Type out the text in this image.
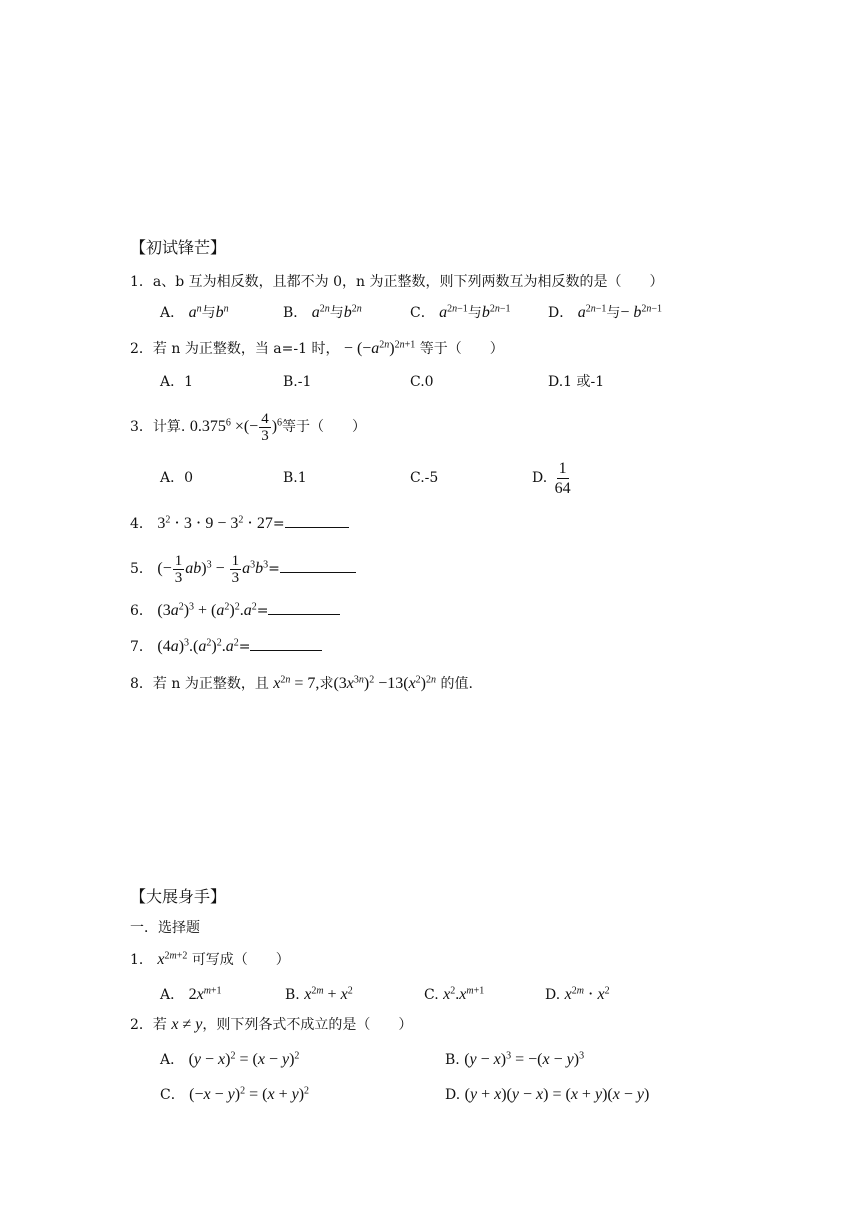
【初试锋芒】
1．a、b 互为相反数，且都不为 0，n 为正整数，则下列两数互为相反数的是（　　）
A． $a^n$与$b^n$	B． $a^{2n}$与$b^{2n}$	C． $a^{2n-1}$与$b^{2n-1}$	D． $a^{2n-1}$与− $b^{2n-1}$
2．若 n 为正整数，当 a=-1 时， − $(-a^{2n})^{2n+1}$ 等于（　　）
A．1	B.-1	C.0	D.1 或-1
3．计算. $0.375^6$ ×(− $\frac{4}{3} )^6$等于（　　）
A．0	B.1	C.-5	D. $\frac{1}{64}$
4． $3^2 \cdot 3 \cdot 9 - 3^2 \cdot 27=$
5． (− $\frac{1}{3} ab)^3 - \frac{1}{3} a^3b^3=$
6． $(3a^2)^3 + (a^2)^2.a^2=$
7． $(4a)^3.(a^2)^2.a^2=$
8．若 n 为正整数，且 $x^{2n} = 7$,求$(3x^{3n})^2 -13(x^2)^{2n}$ 的值.
【大展身手】
一．选择题
1． $x^{2m+2}$ 可写成（　　）
A． $2x^{m+1}$	B. $x^{2m} + x^2$	C. $x^2.x^{m+1}$	D. $x^{2m} \cdot x^2$
2．若 x ≠ y，则下列各式不成立的是（　　）
A． $(y - x)^2 = (x - y)^2$	B. $(y - x)^3 = -(x - y)^3$
C． $(-x - y)^2 = (x + y)^2$	D. (y + x)(y − x) = (x + y)(x − y)
